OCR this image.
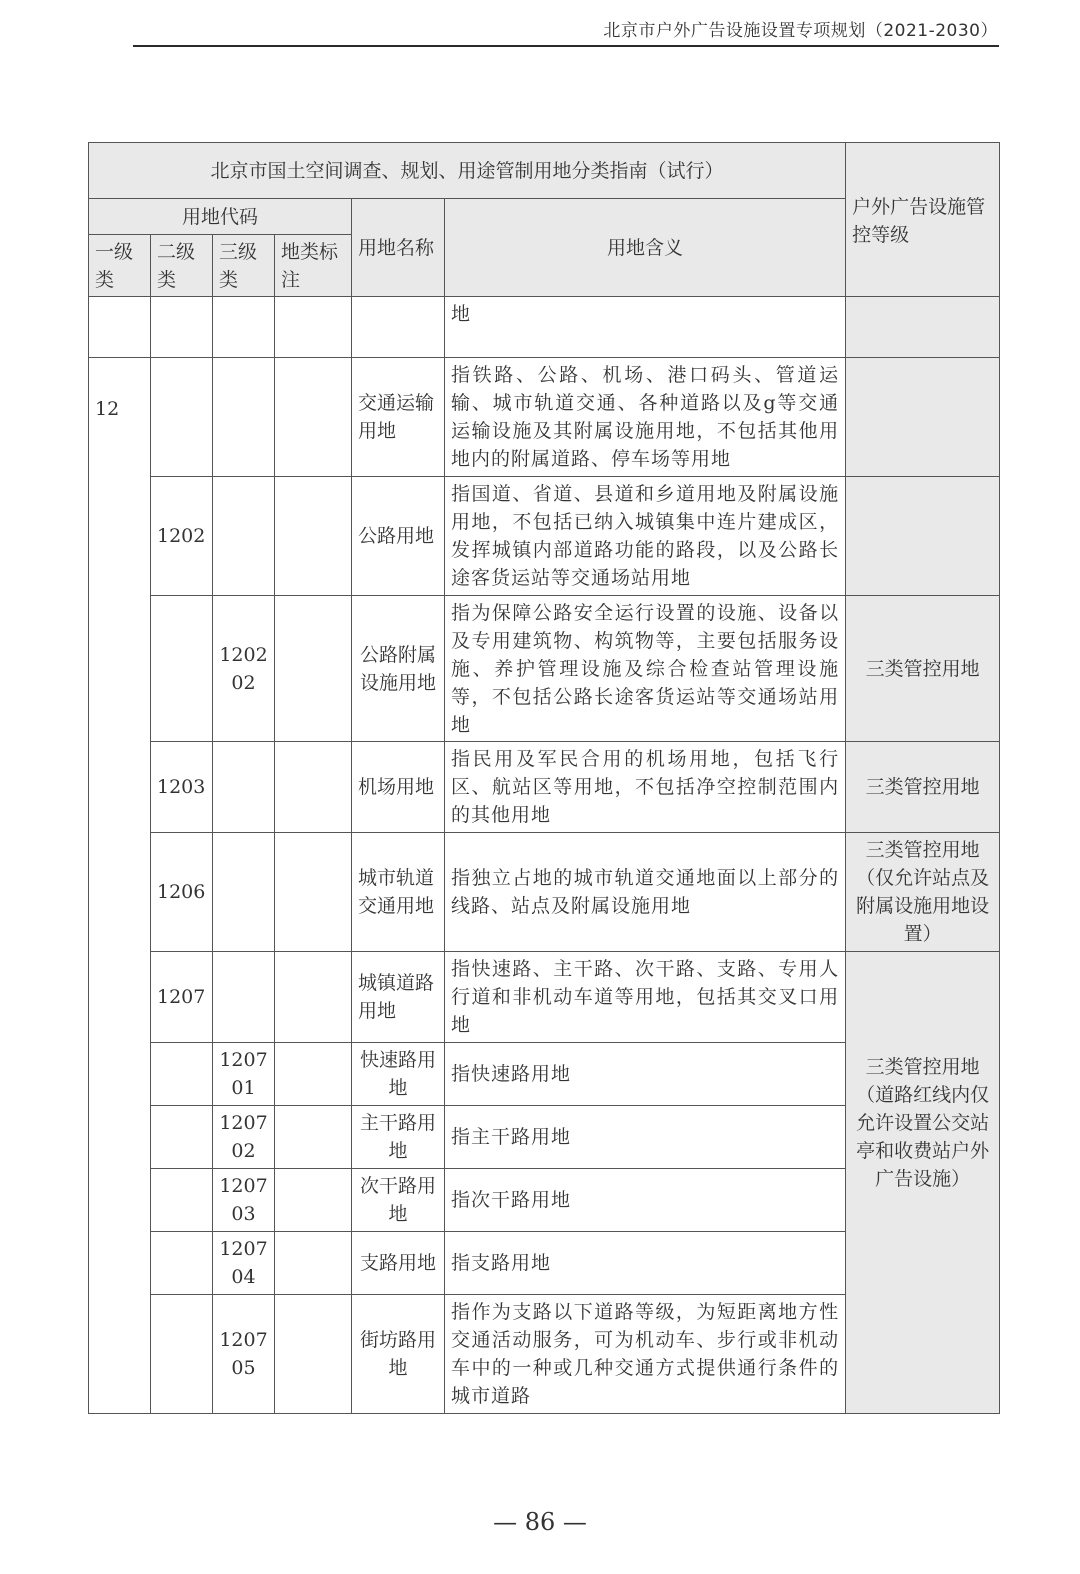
北京市户外广告设施设置专项规划（2021-2030）
北京市国土空间调查、规划、用途管制用地分类指南（试行）						户外广告设施管控等级
用地代码				用地名称	用地含义	
一级类	二级类	三级类	地类标注			
					地	
12				交通运输用地	指铁路、公路、机场、港口码头、管道运输、城市轨道交通、各种道路以及g等交通运输设施及其附属设施用地，不包括其他用地内的附属道路、停车场等用地	
	1202			公路用地	指国道、省道、县道和乡道用地及附属设施用地，不包括已纳入城镇集中连片建成区，发挥城镇内部道路功能的路段，以及公路长途客货运站等交通场站用地	
		120202		公路附属设施用地	指为保障公路安全运行设置的设施、设备以及专用建筑物、构筑物等，主要包括服务设施、养护管理设施及综合检查站管理设施等，不包括公路长途客货运站等交通场站用地	三类管控用地
	1203			机场用地	指民用及军民合用的机场用地，包括飞行区、航站区等用地，不包括净空控制范围内的其他用地	三类管控用地
	1206			城市轨道交通用地	指独立占地的城市轨道交通地面以上部分的线路、站点及附属设施用地	三类管控用地（仅允许站点及附属设施用地设置）
	1207			城镇道路用地	指快速路、主干路、次干路、支路、专用人行道和非机动车道等用地，包括其交叉口用地	三类管控用地（道路红线内仅允许设置公交站亭和收费站户外广告设施）
		120701		快速路用地	指快速路用地	
		120702		主干路用地	指主干路用地	
		120703		次干路用地	指次干路用地	
		120704		支路用地	指支路用地	
		120705		街坊路用地	指作为支路以下道路等级，为短距离地方性交通活动服务，可为机动车、步行或非机动车中的一种或几种交通方式提供通行条件的城市道路	
— 86 —
